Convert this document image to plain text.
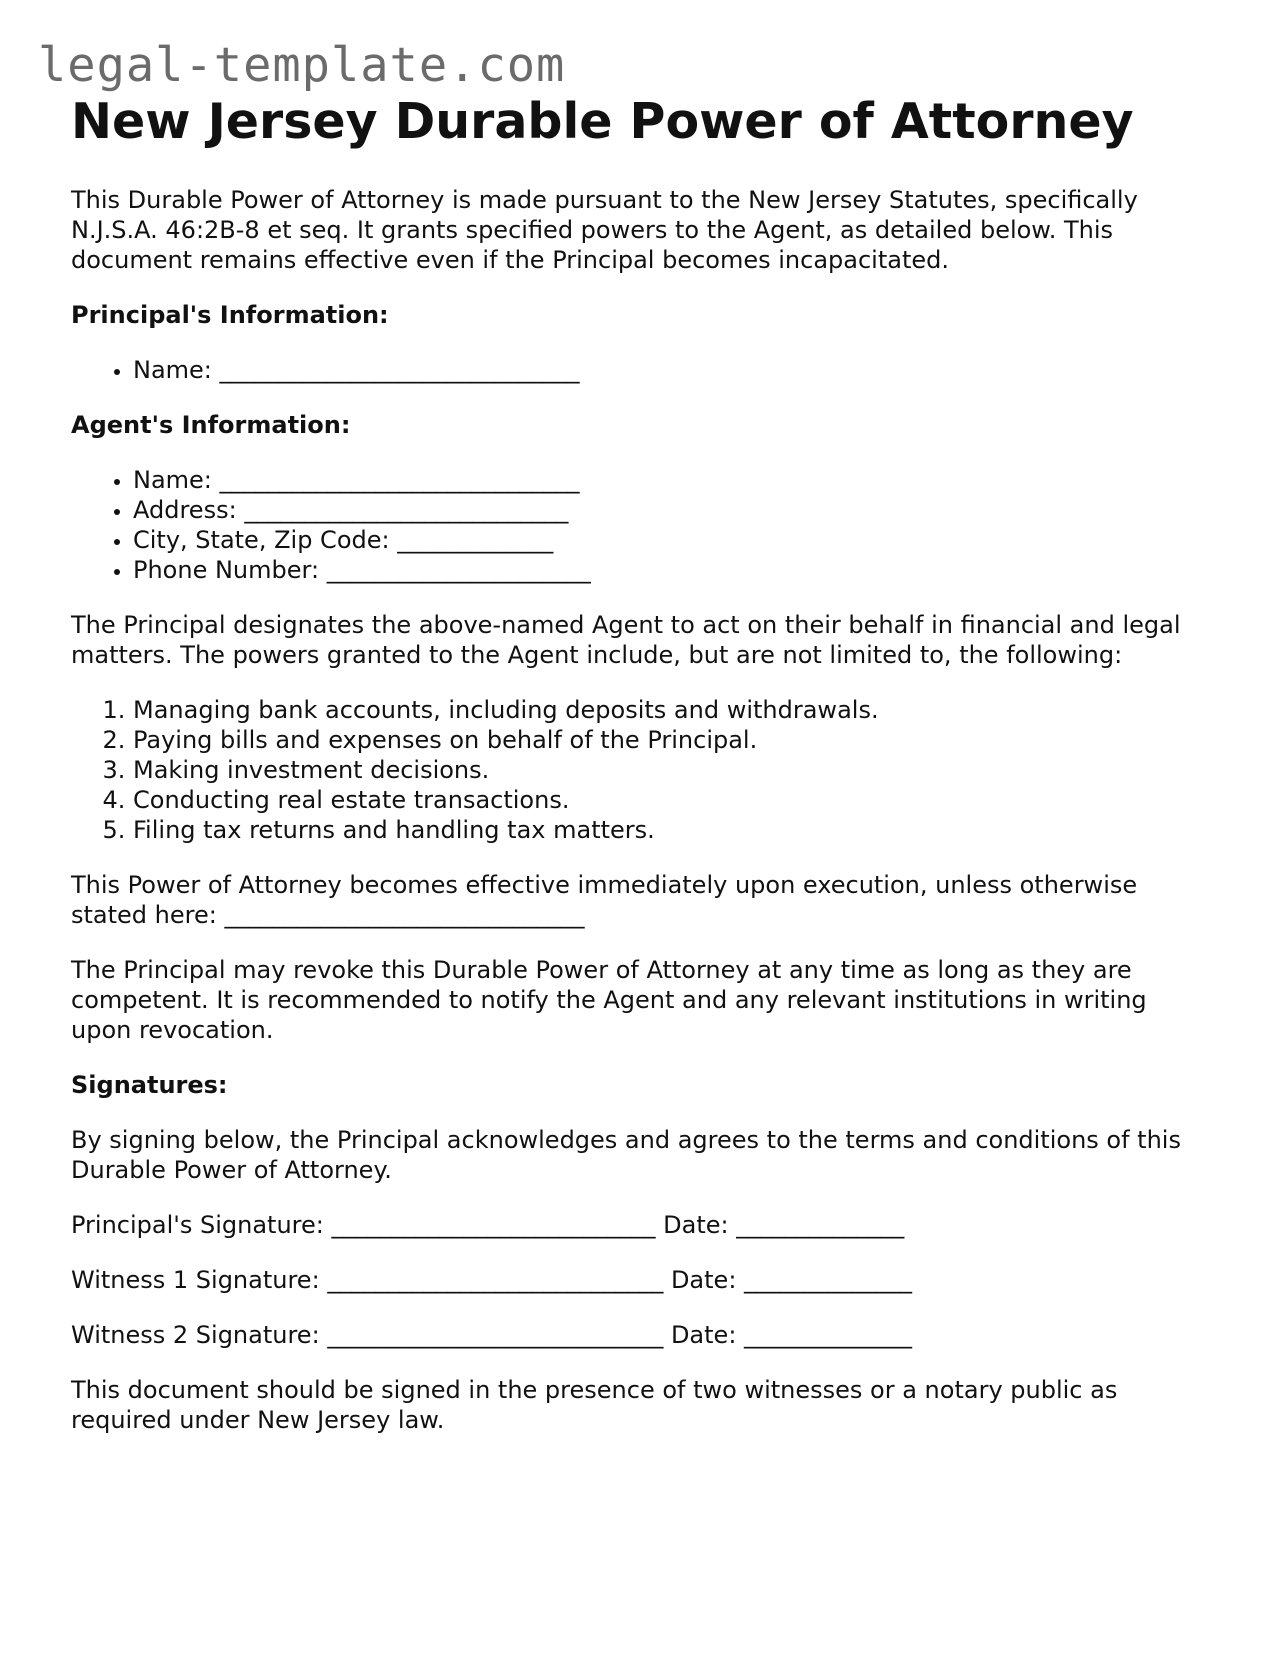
legal-template.com
New Jersey Durable Power of Attorney

This Durable Power of Attorney is made pursuant to the New Jersey Statutes, specifically N.J.S.A. 46:2B-8 et seq. It grants specified powers to the Agent, as detailed below. This document remains effective even if the Principal becomes incapacitated.

Principal's Information:

• Name: ______________________________

Agent's Information:

• Name: ______________________________
• Address: ___________________________
• City, State, Zip Code: _____________
• Phone Number: ______________________

The Principal designates the above-named Agent to act on their behalf in financial and legal matters. The powers granted to the Agent include, but are not limited to, the following:

1. Managing bank accounts, including deposits and withdrawals.
2. Paying bills and expenses on behalf of the Principal.
3. Making investment decisions.
4. Conducting real estate transactions.
5. Filing tax returns and handling tax matters.

This Power of Attorney becomes effective immediately upon execution, unless otherwise stated here: ______________________________

The Principal may revoke this Durable Power of Attorney at any time as long as they are competent. It is recommended to notify the Agent and any relevant institutions in writing upon revocation.

Signatures:

By signing below, the Principal acknowledges and agrees to the terms and conditions of this Durable Power of Attorney.

Principal's Signature: ___________________________ Date: ______________

Witness 1 Signature: ____________________________ Date: ______________

Witness 2 Signature: ____________________________ Date: ______________

This document should be signed in the presence of two witnesses or a notary public as required under New Jersey law.
